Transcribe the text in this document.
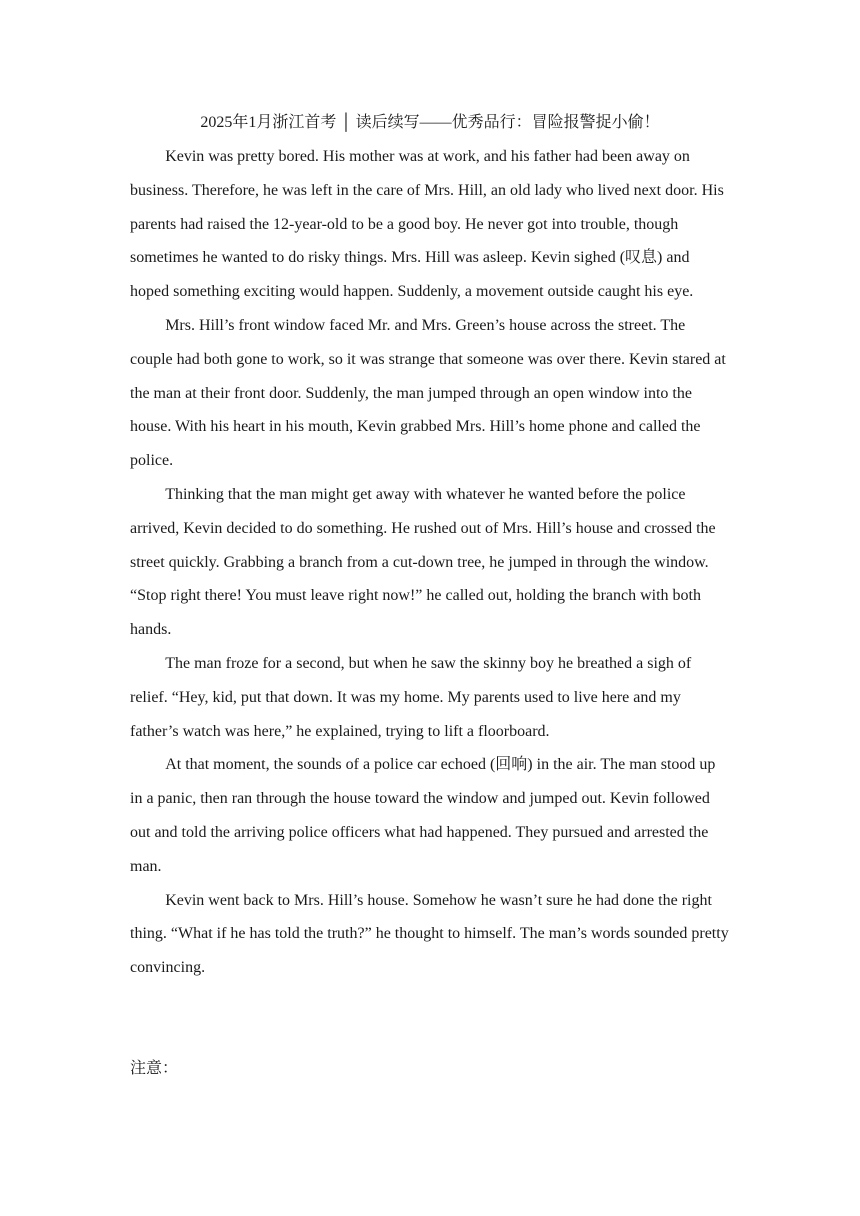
2025年1月浙江首考 │ 读后续写——优秀品行：冒险报警捉小偷！

Kevin was pretty bored. His mother was at work, and his father had been away on business. Therefore, he was left in the care of Mrs. Hill, an old lady who lived next door. His parents had raised the 12-year-old to be a good boy. He never got into trouble, though sometimes he wanted to do risky things. Mrs. Hill was asleep. Kevin sighed (叹息) and hoped something exciting would happen. Suddenly, a movement outside caught his eye.

Mrs. Hill’s front window faced Mr. and Mrs. Green’s house across the street. The couple had both gone to work, so it was strange that someone was over there. Kevin stared at the man at their front door. Suddenly, the man jumped through an open window into the house. With his heart in his mouth, Kevin grabbed Mrs. Hill’s home phone and called the police.

Thinking that the man might get away with whatever he wanted before the police arrived, Kevin decided to do something. He rushed out of Mrs. Hill’s house and crossed the street quickly. Grabbing a branch from a cut-down tree, he jumped in through the window. “Stop right there! You must leave right now!” he called out, holding the branch with both hands.

The man froze for a second, but when he saw the skinny boy he breathed a sigh of relief. “Hey, kid, put that down. It was my home. My parents used to live here and my father’s watch was here,” he explained, trying to lift a floorboard.

At that moment, the sounds of a police car echoed (回响) in the air. The man stood up in a panic, then ran through the house toward the window and jumped out. Kevin followed out and told the arriving police officers what had happened. They pursued and arrested the man.

Kevin went back to Mrs. Hill’s house. Somehow he wasn’t sure he had done the right thing. “What if he has told the truth?” he thought to himself. The man’s words sounded pretty convincing.

注意：
